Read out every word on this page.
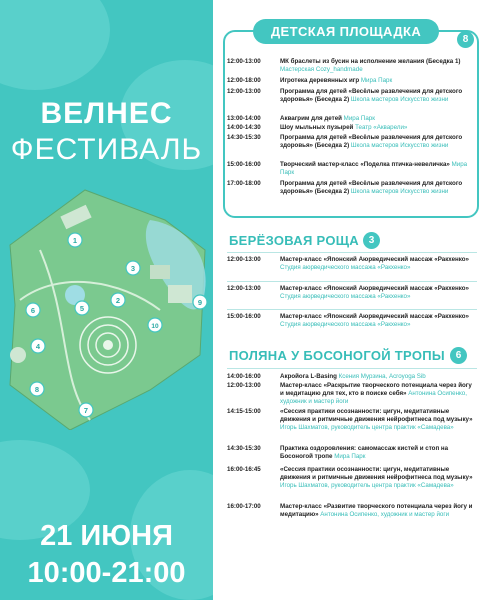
ВЕЛНЕС
ФЕСТИВАЛЬ
1
2
3
4
5
6
7
8
9
10
21 ИЮНЯ
10:00-21:00
ДЕТСКАЯ ПЛОЩАДКА
8
12:00-13:00	МК браслеты из бусин на исполнение желания (Беседка 1) Мастерская Cozy_handmade
12:00-18:00	Игротека деревянных игр Мира Парк
12:00-13:00	Программа для детей «Весёлые развлечения для детского здоровья» (Беседка 2) Школа мастеров Искусство жизни
13:00-14:00	Аквагрим для детей Мира Парк
14:00-14:30	Шоу мыльных пузырей Театр «Акварели»
14:30-15:30	Программа для детей «Весёлые развлечения для детского здоровья» (Беседка 2) Школа мастеров Искусство жизни
15:00-16:00	Творческий мастер-класс «Поделка птичка-невеличка» Мира Парк
17:00-18:00	Программа для детей «Весёлые развлечения для детского здоровья» (Беседка 2) Школа мастеров Искусство жизни
БЕРЁЗОВАЯ РОЩА 3
12:00-13:00	Мастер-класс «Японский Аюрведический массаж «Ракхенко» Студия аюрведического массажа «Ракхенко»
12:00-13:00	Мастер-класс «Японский Аюрведический массаж «Ракхенко» Студия аюрведического массажа «Ракхенко»
15:00-16:00	Мастер-класс «Японский Аюрведический массаж «Ракхенко» Студия аюрведического массажа «Ракхенко»
ПОЛЯНА У БОСОНОГОЙ ТРОПЫ	6
14:00-16:00	Акройога L-Basing Ксения Мурзина, Acroyoga Sib
12:00-13:00	Мастер-класс «Раскрытие творческого потенциала через йогу и медитацию для тех, кто в поиске себя» Антонина Осипенко, художник и мастер йоги
14:15-15:00	«Сессия практики осознанности: цигун, медитативные движения и ритмичные движения нейрофитнеса под музыку» Игорь Шахматов, руководитель центра практик «Самадева»
14:30-15:30	Практика оздоровления: самомассаж кистей и стоп на Босоногой тропе Мира Парк
16:00-16:45	«Сессия практики осознанности: цигун, медитативные движения и ритмичные движения нейрофитнеса под музыку» Игорь Шахматов, руководитель центра практик «Самадева»
16:00-17:00	Мастер-класс «Развитие творческого потенциала через йогу и медитацию» Антонина Осипенко, художник и мастер йоги
